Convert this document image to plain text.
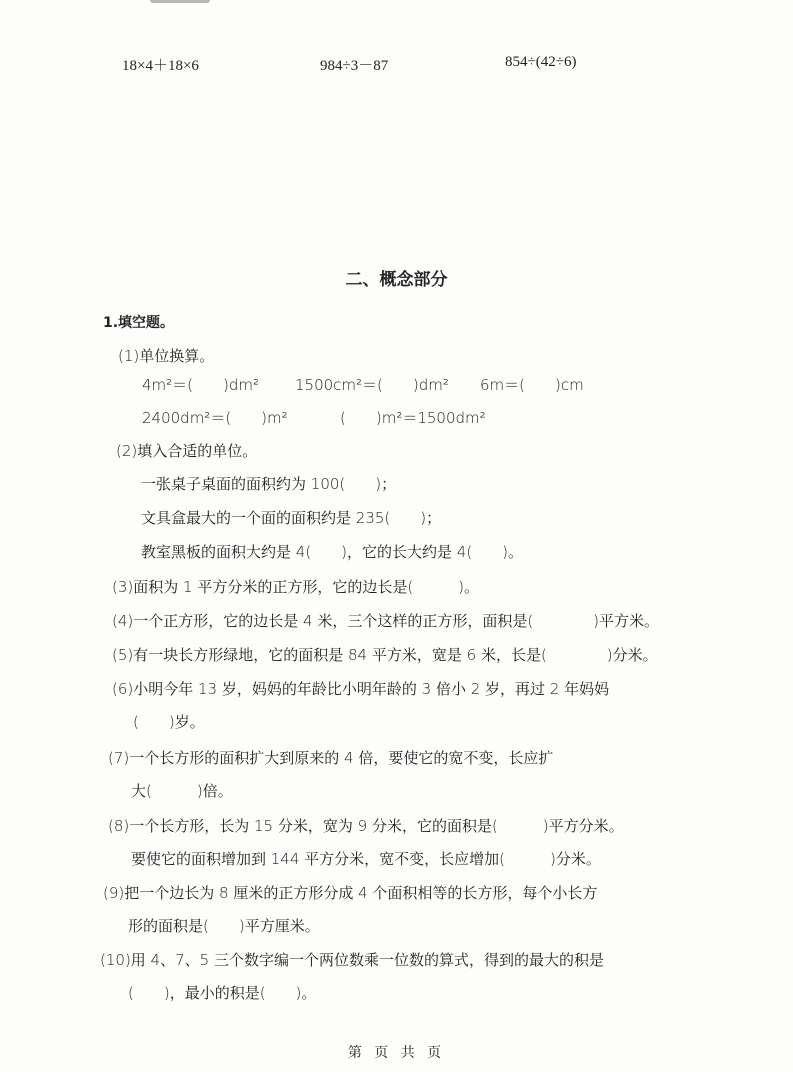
18×4＋18×6	984÷3－87	854÷(42÷6)
二、概念部分
1.填空题。
(1)单位换算。
4m²＝(　　)dm² 1500cm²＝(　　)dm² 6m＝(　　)cm
2400dm²＝(　　)m²	(　　)m²＝1500dm²
(2)填入合适的单位。
一张桌子桌面的面积约为 100(　　)；
文具盒最大的一个面的面积约是 235(　　)；
教室黑板的面积大约是 4(　　)，它的长大约是 4(　　)。
(3)面积为 1 平方分米的正方形，它的边长是(　　　)。
(4)一个正方形，它的边长是 4 米，三个这样的正方形，面积是(　　　　)平方米。
(5)有一块长方形绿地，它的面积是 84 平方米，宽是 6 米，长是(　　　　)分米。
(6)小明今年 13 岁，妈妈的年龄比小明年龄的 3 倍小 2 岁，再过 2 年妈妈
(　　)岁。
(7)一个长方形的面积扩大到原来的 4 倍，要使它的宽不变，长应扩
大(　　　)倍。
(8)一个长方形，长为 15 分米，宽为 9 分米，它的面积是(　　　)平方分米。
要使它的面积增加到 144 平方分米，宽不变，长应增加(　　　)分米。
(9)把一个边长为 8 厘米的正方形分成 4 个面积相等的长方形，每个小长方
形的面积是(　　)平方厘米。
(10)用 4、7、5 三个数字编一个两位数乘一位数的算式，得到的最大的积是
(　　)，最小的积是(　　)。
第 页 共 页
